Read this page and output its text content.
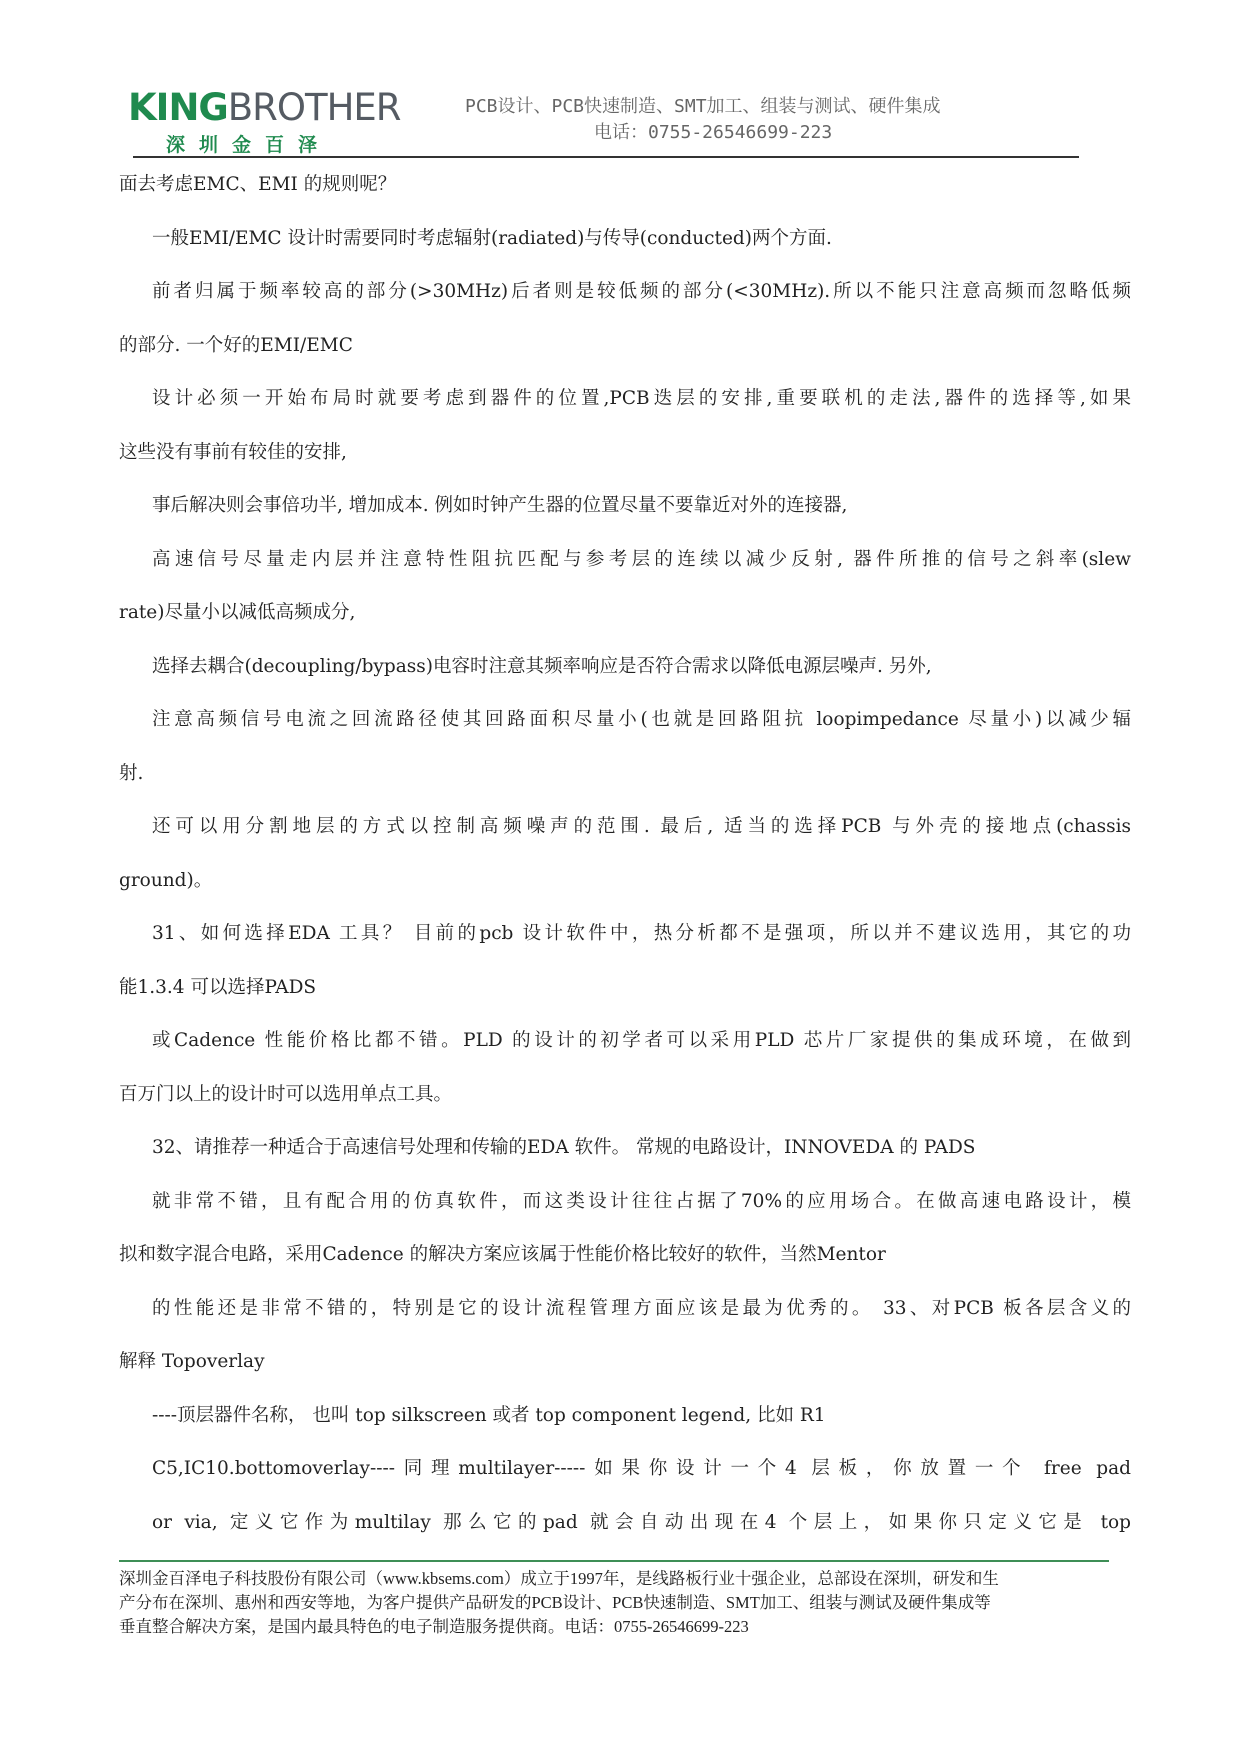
KINGBROTHER
深圳金百泽
PCB设计、PCB快速制造、SMT加工、组装与测试、硬件集成
电话：0755-26546699-223

面去考虑EMC、EMI 的规则呢？

一般EMI/EMC 设计时需要同时考虑辐射(radiated)与传导(conducted)两个方面.

前者归属于频率较高的部分(>30MHz)后者则是较低频的部分(<30MHz).所以不能只注意高频而忽略低频

的部分. 一个好的EMI/EMC

设计必须一开始布局时就要考虑到器件的位置,PCB迭层的安排,重要联机的走法,器件的选择等,如果

这些没有事前有较佳的安排,

事后解决则会事倍功半, 增加成本. 例如时钟产生器的位置尽量不要靠近对外的连接器,

高速信号尽量走内层并注意特性阻抗匹配与参考层的连续以减少反射, 器件所推的信号之斜率(slew

rate)尽量小以减低高频成分,

选择去耦合(decoupling/bypass)电容时注意其频率响应是否符合需求以降低电源层噪声. 另外,

注意高频信号电流之回流路径使其回路面积尽量小(也就是回路阻抗 loopimpedance 尽量小)以减少辐

射.

还可以用分割地层的方式以控制高频噪声的范围. 最后, 适当的选择PCB 与外壳的接地点(chassis

ground)。

31、如何选择EDA 工具？ 目前的pcb 设计软件中，热分析都不是强项，所以并不建议选用，其它的功

能1.3.4 可以选择PADS

或Cadence 性能价格比都不错。PLD 的设计的初学者可以采用PLD 芯片厂家提供的集成环境，在做到

百万门以上的设计时可以选用单点工具。

32、请推荐一种适合于高速信号处理和传输的EDA 软件。 常规的电路设计，INNOVEDA 的 PADS

就非常不错，且有配合用的仿真软件，而这类设计往往占据了70%的应用场合。在做高速电路设计，模

拟和数字混合电路，采用Cadence 的解决方案应该属于性能价格比较好的软件，当然Mentor

的性能还是非常不错的，特别是它的设计流程管理方面应该是最为优秀的。 33、对PCB 板各层含义的

解释 Topoverlay

----顶层器件名称， 也叫 top silkscreen 或者 top component legend, 比如 R1

C5,IC10.bottomoverlay----同理multilayer-----如果你设计一个4 层板，你放置一个 free pad

or via, 定义它作为multilay 那么它的pad 就会自动出现在4 个层上，如果你只定义它是 top

深圳金百泽电子科技股份有限公司（www.kbsems.com）成立于1997年，是线路板行业十强企业，总部设在深圳，研发和生
产分布在深圳、惠州和西安等地，为客户提供产品研发的PCB设计、PCB快速制造、SMT加工、组装与测试及硬件集成等
垂直整合解决方案，是国内最具特色的电子制造服务提供商。电话：0755-26546699-223
